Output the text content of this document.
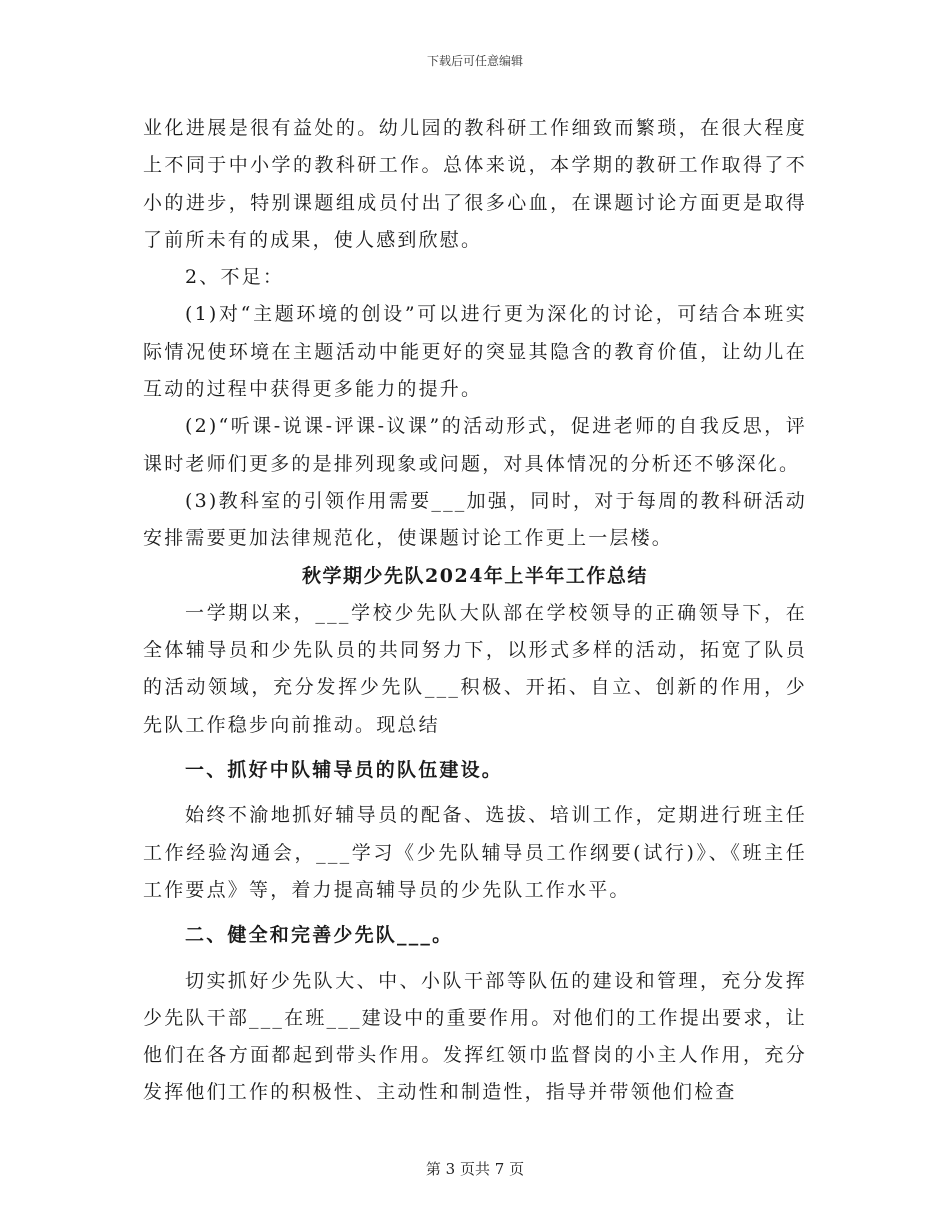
下载后可任意编辑

业化进展是很有益处的。幼儿园的教科研工作细致而繁琐，在很大程度上不同于中小学的教科研工作。总体来说，本学期的教研工作取得了不小的进步，特别课题组成员付出了很多心血，在课题讨论方面更是取得了前所未有的成果，使人感到欣慰。

2、不足：

(1)对“主题环境的创设”可以进行更为深化的讨论，可结合本班实际情况使环境在主题活动中能更好的突显其隐含的教育价值，让幼儿在互动的过程中获得更多能力的提升。

(2)“听课-说课-评课-议课”的活动形式，促进老师的自我反思，评课时老师们更多的是排列现象或问题，对具体情况的分析还不够深化。

(3)教科室的引领作用需要___加强，同时，对于每周的教科研活动安排需要更加法律规范化，使课题讨论工作更上一层楼。

秋学期少先队2024年上半年工作总结

一学期以来，___学校少先队大队部在学校领导的正确领导下，在全体辅导员和少先队员的共同努力下，以形式多样的活动，拓宽了队员的活动领域，充分发挥少先队___积极、开拓、自立、创新的作用，少先队工作稳步向前推动。现总结

一、抓好中队辅导员的队伍建设。

始终不渝地抓好辅导员的配备、选拔、培训工作，定期进行班主任工作经验沟通会，___学习《少先队辅导员工作纲要(试行)》、《班主任工作要点》等，着力提高辅导员的少先队工作水平。

二、健全和完善少先队___。

切实抓好少先队大、中、小队干部等队伍的建设和管理，充分发挥少先队干部___在班___建设中的重要作用。对他们的工作提出要求，让他们在各方面都起到带头作用。发挥红领巾监督岗的小主人作用，充分发挥他们工作的积极性、主动性和制造性，指导并带领他们检查

第 3 页共 7 页
